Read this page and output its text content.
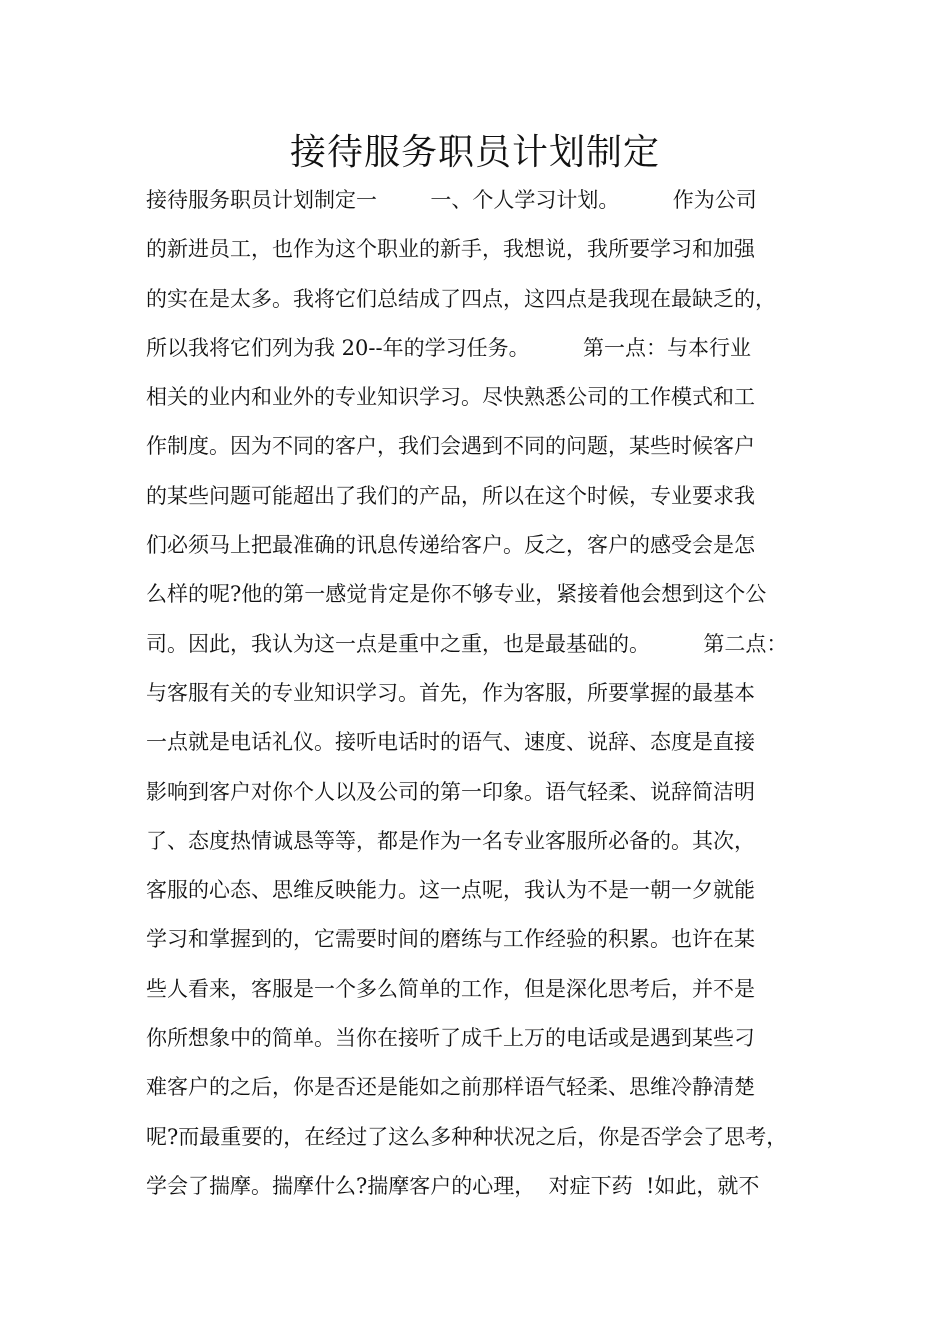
接待服务职员计划制定
接待服务职员计划制定一        一、个人学习计划。        作为公司
的新进员工，也作为这个职业的新手，我想说，我所要学习和加强
的实在是太多。我将它们总结成了四点，这四点是我现在最缺乏的，
所以我将它们列为我 20--年的学习任务。        第一点：与本行业
相关的业内和业外的专业知识学习。尽快熟悉公司的工作模式和工
作制度。因为不同的客户，我们会遇到不同的问题，某些时候客户
的某些问题可能超出了我们的产品，所以在这个时候，专业要求我
们必须马上把最准确的讯息传递给客户。反之，客户的感受会是怎
么样的呢?他的第一感觉肯定是你不够专业，紧接着他会想到这个公
司。因此，我认为这一点是重中之重，也是最基础的。        第二点：
与客服有关的专业知识学习。首先，作为客服，所要掌握的最基本
一点就是电话礼仪。接听电话时的语气、速度、说辞、态度是直接
影响到客户对你个人以及公司的第一印象。语气轻柔、说辞简洁明
了、态度热情诚恳等等，都是作为一名专业客服所必备的。其次，
客服的心态、思维反映能力。这一点呢，我认为不是一朝一夕就能
学习和掌握到的，它需要时间的磨练与工作经验的积累。也许在某
些人看来，客服是一个多么简单的工作，但是深化思考后，并不是
你所想象中的简单。当你在接听了成千上万的电话或是遇到某些刁
难客户的之后，你是否还是能如之前那样语气轻柔、思维冷静清楚
呢?而最重要的，在经过了这么多种种状况之后，你是否学会了思考，
学会了揣摩。揣摩什么?揣摩客户的心理，  对症下药  !如此，就不
